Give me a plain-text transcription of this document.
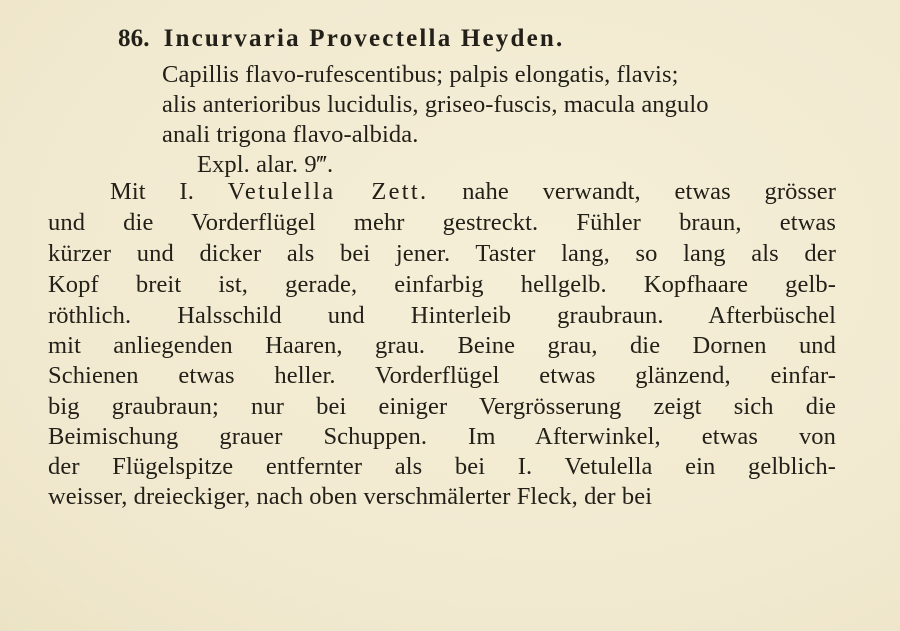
86. Incurvaria Provectella Heyden.
Capillis flavo-rufescentibus; palpis elongatis, flavis;
alis anterioribus lucidulis, griseo-fuscis, macula angulo
anali trigona flavo-albida.
Expl. alar. 9‴.
Mit I. Vetulella Zett. nahe verwandt, etwas grösser
und die Vorderflügel mehr gestreckt. Fühler braun, etwas
kürzer und dicker als bei jener. Taster lang, so lang als der
Kopf breit ist, gerade, einfarbig hellgelb. Kopfhaare gelb-
röthlich. Halsschild und Hinterleib graubraun. Afterbüschel
mit anliegenden Haaren, grau. Beine grau, die Dornen und
Schienen etwas heller. Vorderflügel etwas glänzend, einfar-
big graubraun; nur bei einiger Vergrösserung zeigt sich die
Beimischung grauer Schuppen. Im Afterwinkel, etwas von
der Flügelspitze entfernter als bei I. Vetulella ein gelblich-
weisser, dreieckiger, nach oben verschmälerter Fleck, der bei
